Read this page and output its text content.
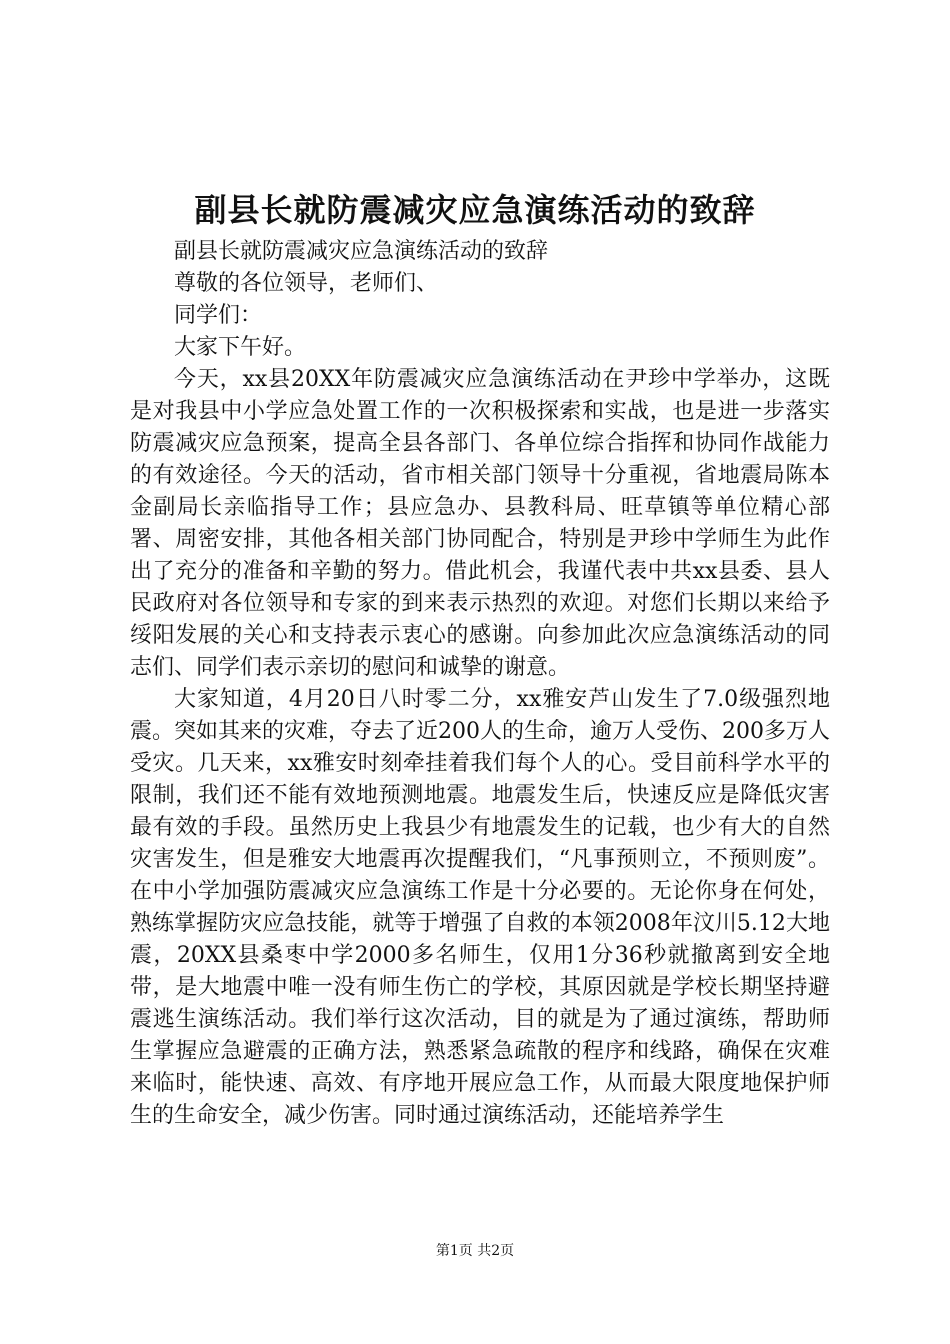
副县长就防震减灾应急演练活动的致辞

副县长就防震减灾应急演练活动的致辞

尊敬的各位领导，老师们、

同学们：

大家下午好。

今天，xx县20XX年防震减灾应急演练活动在尹珍中学举办，这既是对我县中小学应急处置工作的一次积极探索和实战，也是进一步落实防震减灾应急预案，提高全县各部门、各单位综合指挥和协同作战能力的有效途径。今天的活动，省市相关部门领导十分重视，省地震局陈本金副局长亲临指导工作；县应急办、县教科局、旺草镇等单位精心部署、周密安排，其他各相关部门协同配合，特别是尹珍中学师生为此作出了充分的准备和辛勤的努力。借此机会，我谨代表中共xx县委、县人民政府对各位领导和专家的到来表示热烈的欢迎。对您们长期以来给予绥阳发展的关心和支持表示衷心的感谢。向参加此次应急演练活动的同志们、同学们表示亲切的慰问和诚挚的谢意。

大家知道，4月20日八时零二分，xx雅安芦山发生了7.0级强烈地震。突如其来的灾难，夺去了近200人的生命，逾万人受伤、200多万人受灾。几天来，xx雅安时刻牵挂着我们每个人的心。受目前科学水平的限制，我们还不能有效地预测地震。地震发生后，快速反应是降低灾害最有效的手段。虽然历史上我县少有地震发生的记载，也少有大的自然灾害发生，但是雅安大地震再次提醒我们，“凡事预则立，不预则废”。在中小学加强防震减灾应急演练工作是十分必要的。无论你身在何处，熟练掌握防灾应急技能，就等于增强了自救的本领2008年汶川5.12大地震，20XX县桑枣中学2000多名师生，仅用1分36秒就撤离到安全地带，是大地震中唯一没有师生伤亡的学校，其原因就是学校长期坚持避震逃生演练活动。我们举行这次活动，目的就是为了通过演练，帮助师生掌握应急避震的正确方法，熟悉紧急疏散的程序和线路，确保在灾难来临时，能快速、高效、有序地开展应急工作，从而最大限度地保护师生的生命安全，减少伤害。同时通过演练活动，还能培养学生

第1页 共2页
